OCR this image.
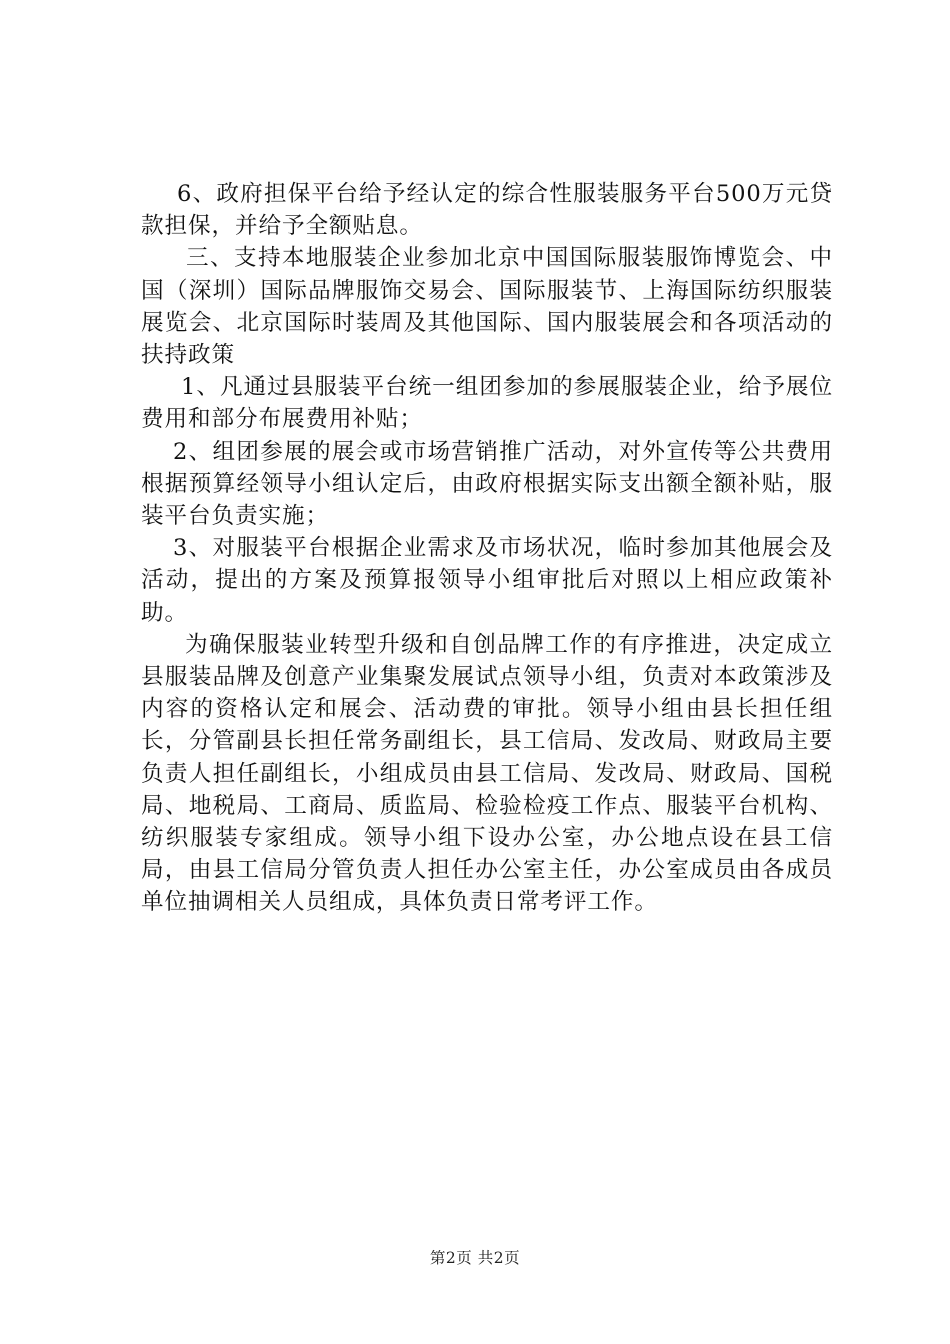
6、政府担保平台给予经认定的综合性服装服务平台500万元贷款担保，并给予全额贴息。

三、支持本地服装企业参加北京中国国际服装服饰博览会、中国（深圳）国际品牌服饰交易会、国际服装节、上海国际纺织服装展览会、北京国际时装周及其他国际、国内服装展会和各项活动的扶持政策

1、凡通过县服装平台统一组团参加的参展服装企业，给予展位费用和部分布展费用补贴；

2、组团参展的展会或市场营销推广活动，对外宣传等公共费用根据预算经领导小组认定后，由政府根据实际支出额全额补贴，服装平台负责实施；

3、对服装平台根据企业需求及市场状况，临时参加其他展会及活动，提出的方案及预算报领导小组审批后对照以上相应政策补助。

为确保服装业转型升级和自创品牌工作的有序推进，决定成立县服装品牌及创意产业集聚发展试点领导小组，负责对本政策涉及内容的资格认定和展会、活动费的审批。领导小组由县长担任组长，分管副县长担任常务副组长，县工信局、发改局、财政局主要负责人担任副组长，小组成员由县工信局、发改局、财政局、国税局、地税局、工商局、质监局、检验检疫工作点、服装平台机构、纺织服装专家组成。领导小组下设办公室，办公地点设在县工信局，由县工信局分管负责人担任办公室主任，办公室成员由各成员单位抽调相关人员组成，具体负责日常考评工作。

第2页 共2页
